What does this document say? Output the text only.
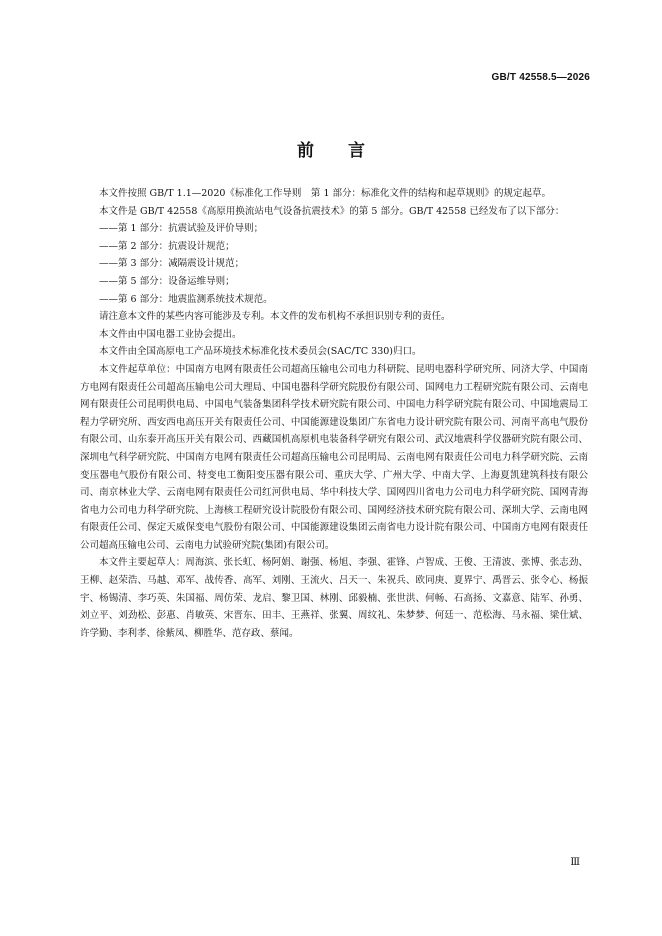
GB/T 42558.5—2026
前言

本文件按照 GB/T 1.1—2020《标准化工作导则　第 1 部分：标准化文件的结构和起草规则》的规定起草。

本文件是 GB/T 42558《高原用换流站电气设备抗震技术》的第 5 部分。GB/T 42558 已经发布了以下部分：

——第 1 部分：抗震试验及评价导则；
——第 2 部分：抗震设计规范；
——第 3 部分：减隔震设计规范；
——第 5 部分：设备运维导则；
——第 6 部分：地震监测系统技术规范。

请注意本文件的某些内容可能涉及专利。本文件的发布机构不承担识别专利的责任。

本文件由中国电器工业协会提出。

本文件由全国高原电工产品环境技术标准化技术委员会(SAC/TC 330)归口。

本文件起草单位：中国南方电网有限责任公司超高压输电公司电力科研院、昆明电器科学研究所、同济大学、中国南方电网有限责任公司超高压输电公司大理局、中国电器科学研究院股份有限公司、国网电力工程研究院有限公司、云南电网有限责任公司昆明供电局、中国电气装备集团科学技术研究院有限公司、中国电力科学研究院有限公司、中国地震局工程力学研究所、西安西电高压开关有限责任公司、中国能源建设集团广东省电力设计研究院有限公司、河南平高电气股份有限公司、山东泰开高压开关有限公司、西藏国机高原机电装备科学研究有限公司、武汉地震科学仪器研究院有限公司、深圳电气科学研究院、中国南方电网有限责任公司超高压输电公司昆明局、云南电网有限责任公司电力科学研究院、云南变压器电气股份有限公司、特变电工衡阳变压器有限公司、重庆大学、广州大学、中南大学、上海夏凯建筑科技有限公司、南京林业大学、云南电网有限责任公司红河供电局、华中科技大学、国网四川省电力公司电力科学研究院、国网青海省电力公司电力科学研究院、上海核工程研究设计院股份有限公司、国网经济技术研究院有限公司、深圳大学、云南电网有限责任公司、保定天威保变电气股份有限公司、中国能源建设集团云南省电力设计院有限公司、中国南方电网有限责任公司超高压输电公司、云南电力试验研究院(集团)有限公司。

本文件主要起草人：周海滨、张长虹、杨阿娟、谢强、杨旭、李强、霍锋、卢智成、王俊、王清波、张博、张志劲、王柳、赵荣浩、马越、邓军、战传香、高军、刘刚、王流火、吕天一、朱祝兵、欧同庚、夏界宁、禹晋云、张令心、杨振宇、杨锡清、李巧英、朱国福、周仿荣、龙启、黎卫国、林刚、邱毅楠、张世洪、何畅、石高扬、文嘉意、陆军、孙勇、刘立平、刘劲松、彭惠、肖敏英、宋晋东、田丰、王燕祥、张翼、周纹礼、朱梦梦、何廷一、范松海、马永福、梁仕斌、许学勤、李利孝、徐紫凤、柳胜华、范存政、蔡闻。

Ⅲ
